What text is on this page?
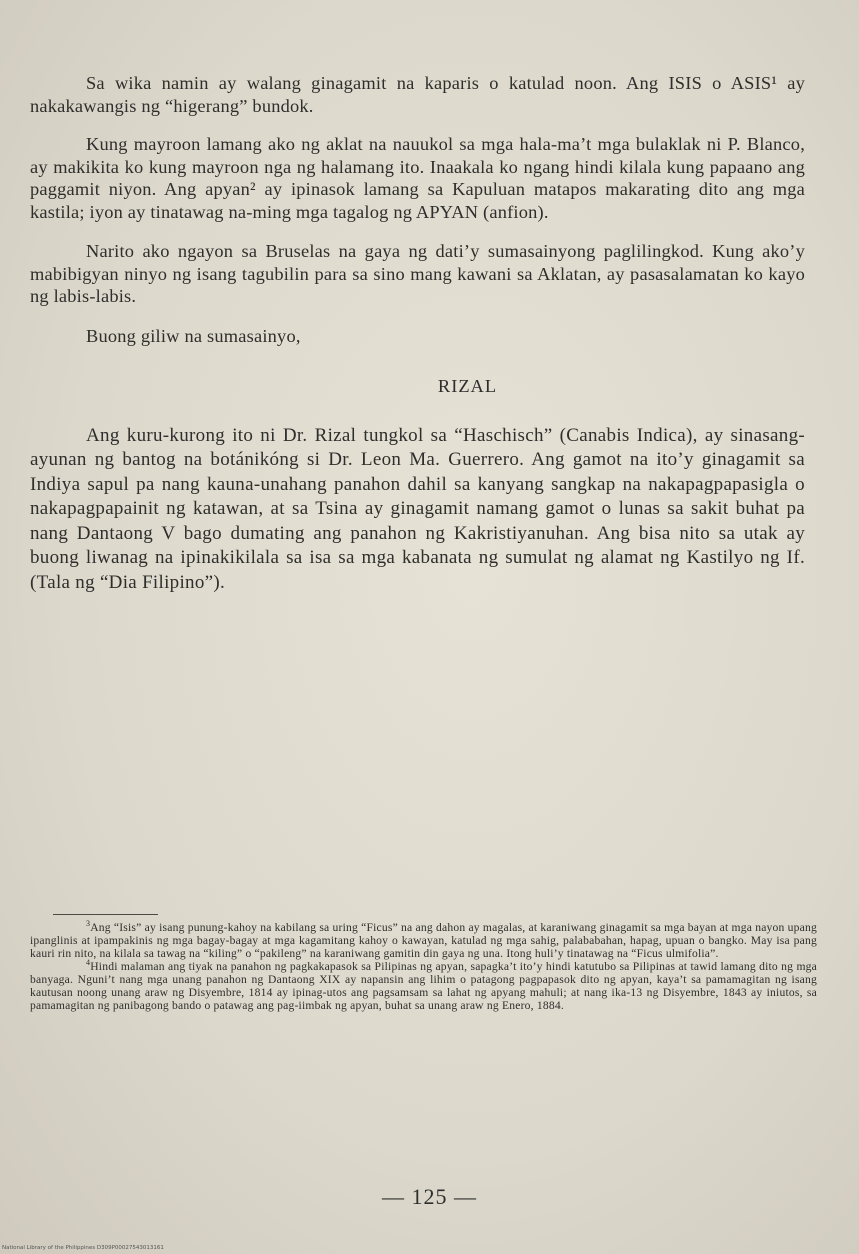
Sa wika namin ay walang ginagamit na kaparis o katulad noon. Ang ISIS o ASIS¹ ay nakakawangis ng “higerang” bundok.

Kung mayroon lamang ako ng aklat na nauukol sa mga hala-ma’t mga bulaklak ni P. Blanco, ay makikita ko kung mayroon nga ng halamang ito. Inaakala ko ngang hindi kilala kung papaano ang paggamit niyon. Ang apyan² ay ipinasok lamang sa Kapuluan matapos makarating dito ang mga kastila; iyon ay tinatawag na-ming mga tagalog ng APYAN (anfion).

Narito ako ngayon sa Bruselas na gaya ng dati’y sumasainyong paglilingkod. Kung ako’y mabibigyan ninyo ng isang tagubilin para sa sino mang kawani sa Aklatan, ay pasasalamatan ko kayo ng labis-labis.

Buong giliw na sumasainyo,

RIZAL

Ang kuru-kurong ito ni Dr. Rizal tungkol sa “Haschisch” (Canabis Indica), ay sinasang-ayunan ng bantog na botánikóng si Dr. Leon Ma. Guerrero. Ang gamot na ito’y ginagamit sa Indiya sapul pa nang kauna-unahang panahon dahil sa kanyang sangkap na nakapagpapasigla o nakapagpapainit ng katawan, at sa Tsina ay ginagamit namang gamot o lunas sa sakit buhat pa nang Dantaong V bago dumating ang panahon ng Kakristiyanuhan. Ang bisa nito sa utak ay buong liwanag na ipinakikilala sa isa sa mga kabanata ng sumulat ng alamat ng Kastilyo ng If. (Tala ng “Dia Filipino”).

$^3$Ang “Isis” ay isang punung-kahoy na kabilang sa uring “Ficus” na ang dahon ay magalas, at karaniwang ginagamit sa mga bayan at mga nayon upang ipanglinis at ipampakinis ng mga bagay-bagay at mga kagamitang kahoy o kawayan, katulad ng mga sahig, palababahan, hapag, upuan o bangko. May isa pang kauri rin nito, na kilala sa tawag na “kiling” o “pakileng” na karaniwang gamitin din gaya ng una. Itong huli’y tinatawag na “Ficus ulmifolia”.

$^4$Hindi malaman ang tiyak na panahon ng pagkakapasok sa Pilipinas ng apyan, sapagka’t ito’y hindi katutubo sa Pilipinas at tawid lamang dito ng mga banyaga. Nguni’t nang mga unang panahon ng Dantaong XIX ay napansin ang lihim o patagong pagpapasok dito ng apyan, kaya’t sa pamamagitan ng isang kautusan noong unang araw ng Disyembre, 1814 ay ipinag-utos ang pagsamsam sa lahat ng apyang mahuli; at nang ika-13 ng Disyembre, 1843 ay iniutos, sa pamamagitan ng panibagong bando o patawag ang pag-iimbak ng apyan, buhat sa unang araw ng Enero, 1884.

— 125 —
National Library of the Philippines D309P00027543013161
